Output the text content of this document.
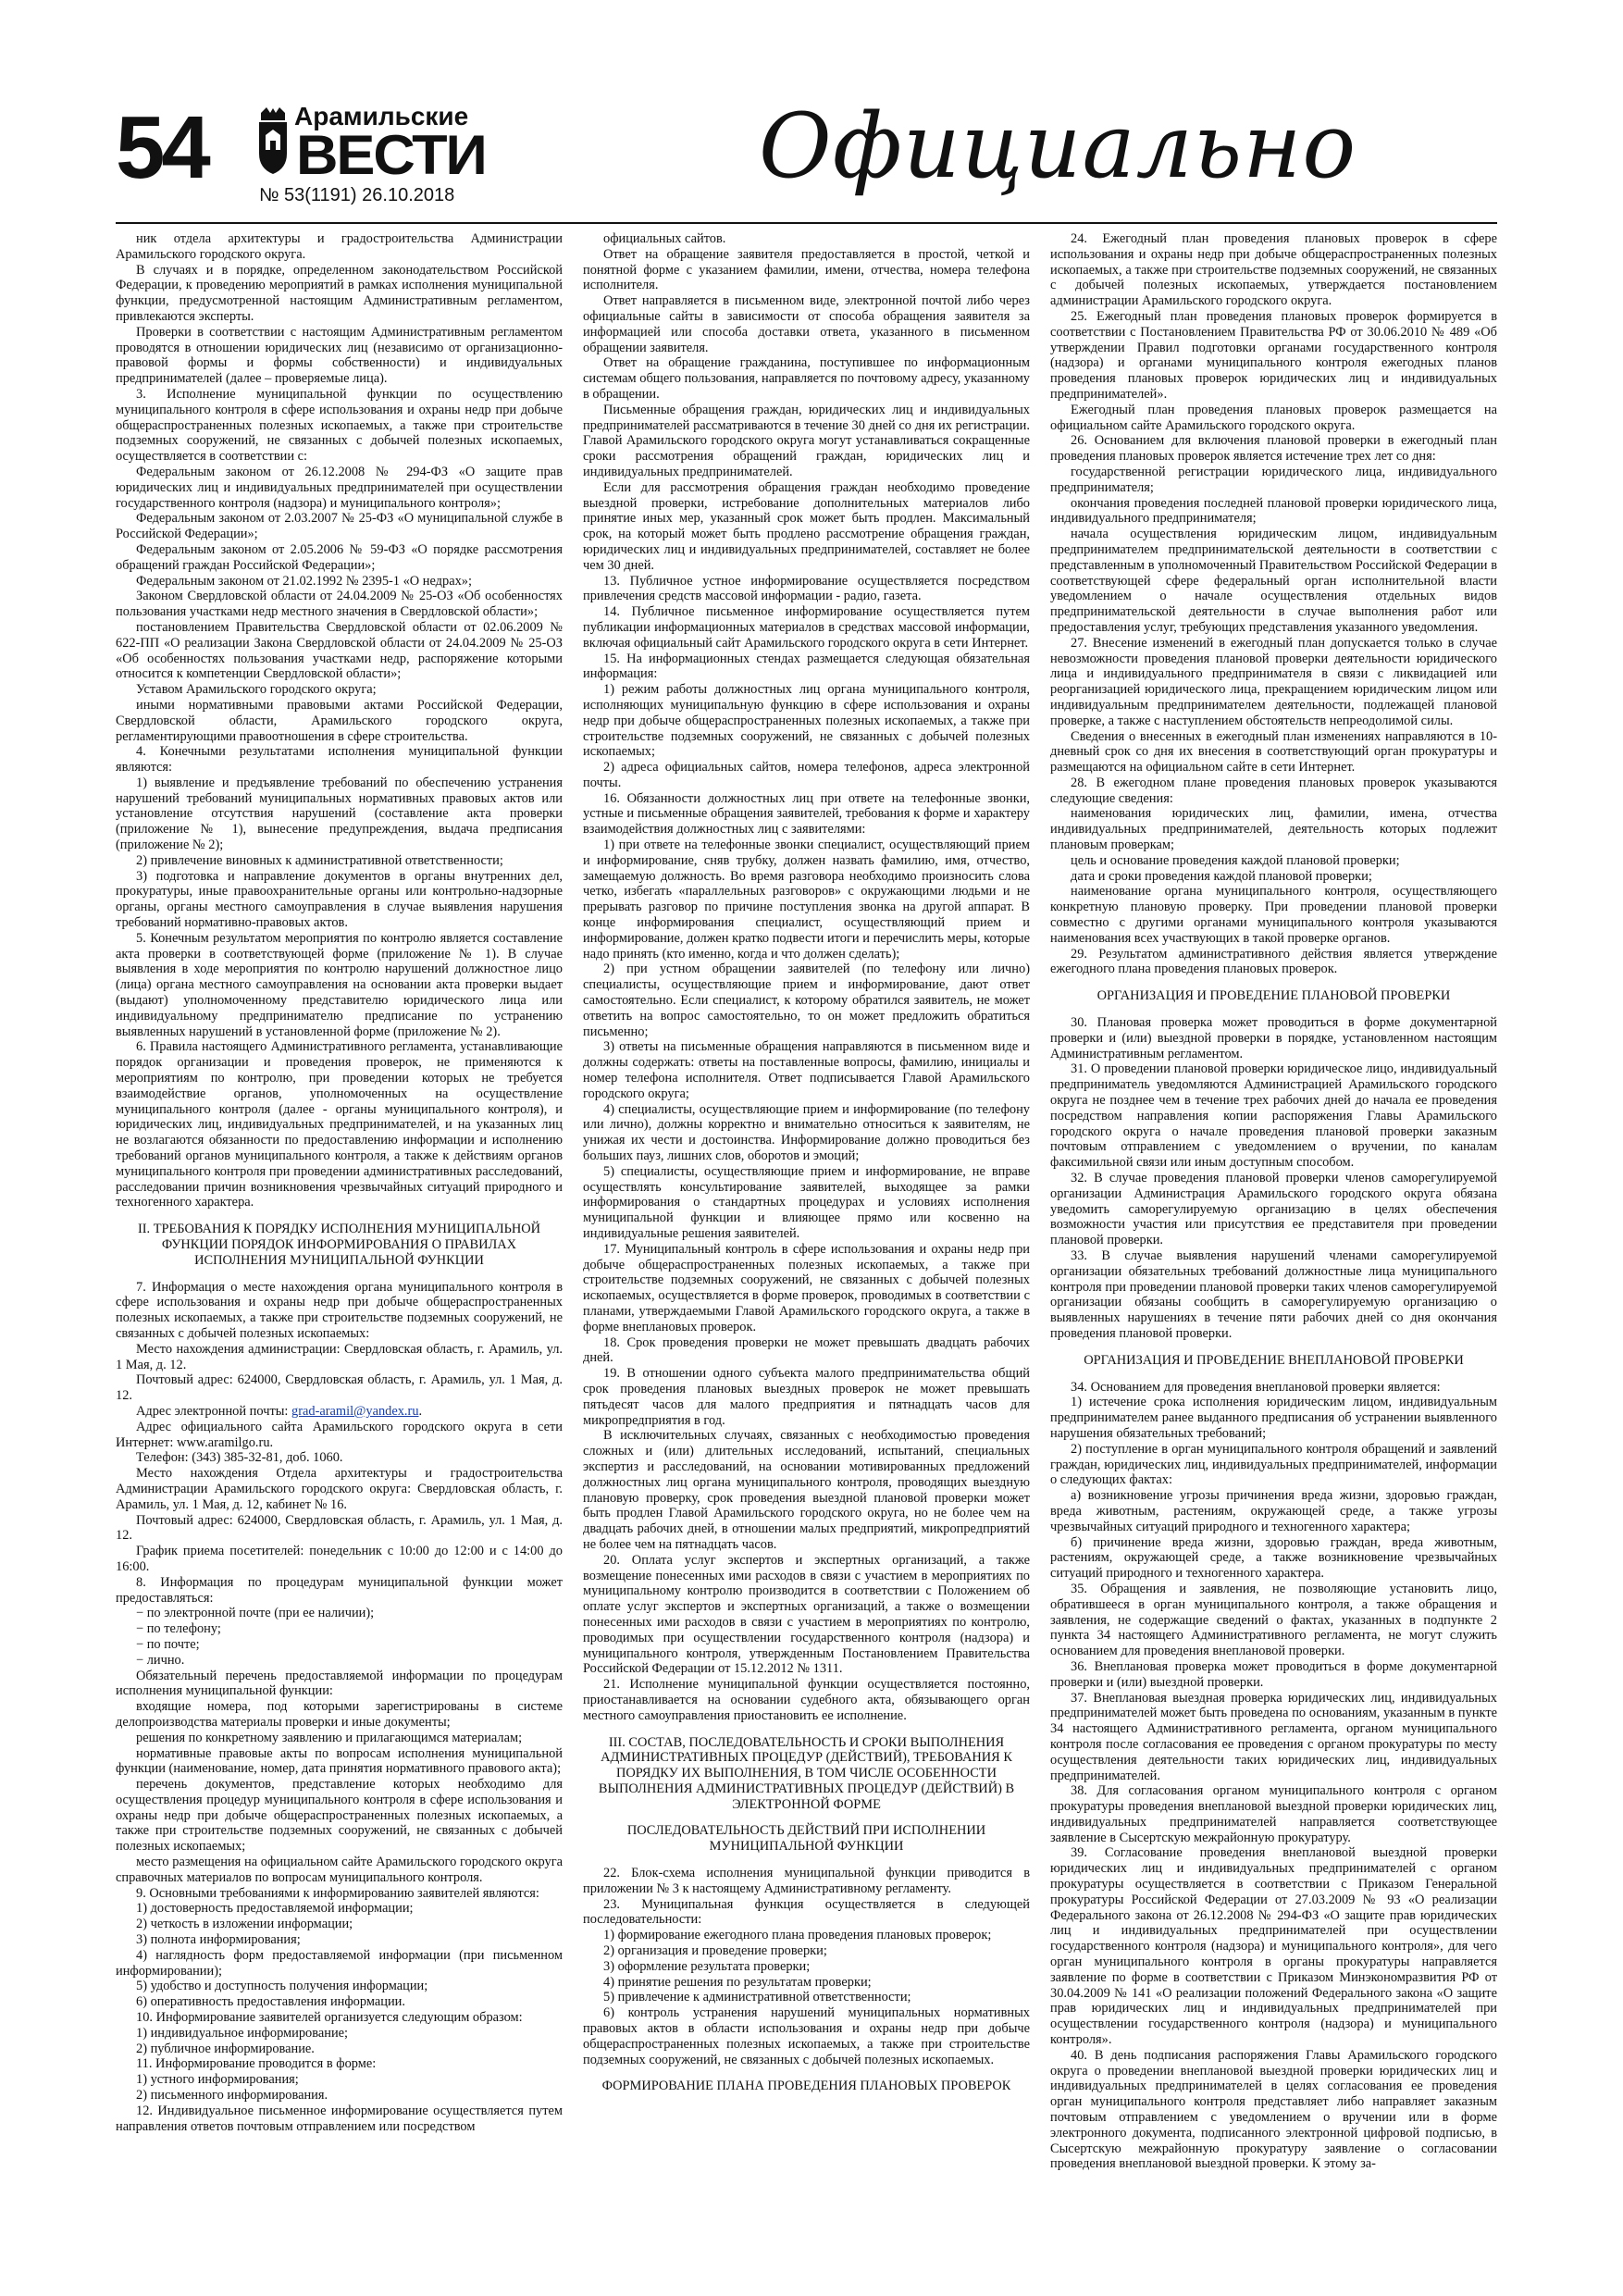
54	Арамильские
ВЕСТИ
№ 53(1191) 26.10.2018	Официально

ник отдела архитектуры и градостроительства Администрации Арамильского городского округа.

В случаях и в порядке, определенном законодательством Российской Федерации, к проведению мероприятий в рамках исполнения муниципальной функции, предусмотренной настоящим Административным регламентом, привлекаются эксперты.

Проверки в соответствии с настоящим Административным регламентом проводятся в отношении юридических лиц (независимо от организационно-правовой формы и формы собственности) и индивидуальных предпринимателей (далее – проверяемые лица).

3. Исполнение муниципальной функции по осуществлению муниципального контроля в сфере использования и охраны недр при добыче общераспространенных полезных ископаемых, а также при строительстве подземных сооружений, не связанных с добычей полезных ископаемых, осуществляется в соответствии с:

Федеральным законом от 26.12.2008 № 294-ФЗ «О защите прав юридических лиц и индивидуальных предпринимателей при осуществлении государственного контроля (надзора) и муниципального контроля»;

Федеральным законом от 2.03.2007 № 25-ФЗ «О муниципальной службе в Российской Федерации»;

Федеральным законом от 2.05.2006 № 59-ФЗ «О порядке рассмотрения обращений граждан Российской Федерации»;

Федеральным законом от 21.02.1992 № 2395-1 «О недрах»;

Законом Свердловской области от 24.04.2009 № 25-ОЗ «Об особенностях пользования участками недр местного значения в Свердловской области»;

постановлением Правительства Свердловской области от 02.06.2009 № 622-ПП «О реализации Закона Свердловской области от 24.04.2009 № 25-ОЗ «Об особенностях пользования участками недр, распоряжение которыми относится к компетенции Свердловской области»;

Уставом Арамильского городского округа;

иными нормативными правовыми актами Российской Федерации, Свердловской области, Арамильского городского округа, регламентирующими правоотношения в сфере строительства.

4. Конечными результатами исполнения муниципальной функции являются:

1) выявление и предъявление требований по обеспечению устранения нарушений требований муниципальных нормативных правовых актов или установление отсутствия нарушений (составление акта проверки (приложение № 1), вынесение предупреждения, выдача предписания (приложение № 2);

2) привлечение виновных к административной ответственности;

3) подготовка и направление документов в органы внутренних дел, прокуратуры, иные правоохранительные органы или контрольно-надзорные органы, органы местного самоуправления в случае выявления нарушения требований нормативно-правовых актов.

5. Конечным результатом мероприятия по контролю является составление акта проверки в соответствующей форме (приложение № 1). В случае выявления в ходе мероприятия по контролю нарушений должностное лицо (лица) органа местного самоуправления на основании акта проверки выдает (выдают) уполномоченному представителю юридического лица или индивидуальному предпринимателю предписание по устранению выявленных нарушений в установленной форме (приложение № 2).

6. Правила настоящего Административного регламента, устанавливающие порядок организации и проведения проверок, не применяются к мероприятиям по контролю, при проведении которых не требуется взаимодействие органов, уполномоченных на осуществление муниципального контроля (далее - органы муниципального контроля), и юридических лиц, индивидуальных предпринимателей, и на указанных лиц не возлагаются обязанности по предоставлению информации и исполнению требований органов муниципального контроля, а также к действиям органов муниципального контроля при проведении административных расследований, расследовании причин возникновения чрезвычайных ситуаций природного и техногенного характера.

II. ТРЕБОВАНИЯ К ПОРЯДКУ ИСПОЛНЕНИЯ МУНИЦИПАЛЬНОЙ ФУНКЦИИ ПОРЯДОК ИНФОРМИРОВАНИЯ О ПРАВИЛАХ ИСПОЛНЕНИЯ МУНИЦИПАЛЬНОЙ ФУНКЦИИ

7. Информация о месте нахождения органа муниципального контроля в сфере использования и охраны недр при добыче общераспространенных полезных ископаемых, а также при строительстве подземных сооружений, не связанных с добычей полезных ископаемых:

Место нахождения администрации: Свердловская область, г. Арамиль, ул. 1 Мая, д. 12.

Почтовый адрес: 624000, Свердловская область, г. Арамиль, ул. 1 Мая, д. 12.

Адрес электронной почты: grad-aramil@yandex.ru.

Адрес официального сайта Арамильского городского округа в сети Интернет: www.aramilgo.ru.

Телефон: (343) 385-32-81, доб. 1060.

Место нахождения Отдела архитектуры и градостроительства Администрации Арамильского городского округа: Свердловская область, г. Арамиль, ул. 1 Мая, д. 12, кабинет № 16.

Почтовый адрес: 624000, Свердловская область, г. Арамиль, ул. 1 Мая, д. 12.

График приема посетителей: понедельник с 10:00 до 12:00 и с 14:00 до 16:00.

8. Информация по процедурам муниципальной функции может предоставляться:

− по электронной почте (при ее наличии);

− по телефону;

− по почте;

− лично.

Обязательный перечень предоставляемой информации по процедурам исполнения муниципальной функции:

входящие номера, под которыми зарегистрированы в системе делопроизводства материалы проверки и иные документы;

решения по конкретному заявлению и прилагающимся материалам;

нормативные правовые акты по вопросам исполнения муниципальной функции (наименование, номер, дата принятия нормативного правового акта);

перечень документов, представление которых необходимо для осуществления процедур муниципального контроля в сфере использования и охраны недр при добыче общераспространенных полезных ископаемых, а также при строительстве подземных сооружений, не связанных с добычей полезных ископаемых;

место размещения на официальном сайте Арамильского городского округа справочных материалов по вопросам муниципального контроля.

9. Основными требованиями к информированию заявителей являются:

1) достоверность предоставляемой информации;

2) четкость в изложении информации;

3) полнота информирования;

4) наглядность форм предоставляемой информации (при письменном информировании);

5) удобство и доступность получения информации;

6) оперативность предоставления информации.

10. Информирование заявителей организуется следующим образом:

1) индивидуальное информирование;

2) публичное информирование.

11. Информирование проводится в форме:

1) устного информирования;

2) письменного информирования.

12. Индивидуальное письменное информирование осуществляется путем направления ответов почтовым отправлением или посредством

официальных сайтов.

Ответ на обращение заявителя предоставляется в простой, четкой и понятной форме с указанием фамилии, имени, отчества, номера телефона исполнителя.

Ответ направляется в письменном виде, электронной почтой либо через официальные сайты в зависимости от способа обращения заявителя за информацией или способа доставки ответа, указанного в письменном обращении заявителя.

Ответ на обращение гражданина, поступившее по информационным системам общего пользования, направляется по почтовому адресу, указанному в обращении.

Письменные обращения граждан, юридических лиц и индивидуальных предпринимателей рассматриваются в течение 30 дней со дня их регистрации. Главой Арамильского городского округа могут устанавливаться сокращенные сроки рассмотрения обращений граждан, юридических лиц и индивидуальных предпринимателей.

Если для рассмотрения обращения граждан необходимо проведение выездной проверки, истребование дополнительных материалов либо принятие иных мер, указанный срок может быть продлен. Максимальный срок, на который может быть продлено рассмотрение обращения граждан, юридических лиц и индивидуальных предпринимателей, составляет не более чем 30 дней.

13. Публичное устное информирование осуществляется посредством привлечения средств массовой информации - радио, газета.

14. Публичное письменное информирование осуществляется путем публикации информационных материалов в средствах массовой информации, включая официальный сайт Арамильского городского округа в сети Интернет.

15. На информационных стендах размещается следующая обязательная информация:

1) режим работы должностных лиц органа муниципального контроля, исполняющих муниципальную функцию в сфере использования и охраны недр при добыче общераспространенных полезных ископаемых, а также при строительстве подземных сооружений, не связанных с добычей полезных ископаемых;

2) адреса официальных сайтов, номера телефонов, адреса электронной почты.

16. Обязанности должностных лиц при ответе на телефонные звонки, устные и письменные обращения заявителей, требования к форме и характеру взаимодействия должностных лиц с заявителями:

1) при ответе на телефонные звонки специалист, осуществляющий прием и информирование, сняв трубку, должен назвать фамилию, имя, отчество, замещаемую должность. Во время разговора необходимо произносить слова четко, избегать «параллельных разговоров» с окружающими людьми и не прерывать разговор по причине поступления звонка на другой аппарат. В конце информирования специалист, осуществляющий прием и информирование, должен кратко подвести итоги и перечислить меры, которые надо принять (кто именно, когда и что должен сделать);

2) при устном обращении заявителей (по телефону или лично) специалисты, осуществляющие прием и информирование, дают ответ самостоятельно. Если специалист, к которому обратился заявитель, не может ответить на вопрос самостоятельно, то он может предложить обратиться письменно;

3) ответы на письменные обращения направляются в письменном виде и должны содержать: ответы на поставленные вопросы, фамилию, инициалы и номер телефона исполнителя. Ответ подписывается Главой Арамильского городского округа;

4) специалисты, осуществляющие прием и информирование (по телефону или лично), должны корректно и внимательно относиться к заявителям, не унижая их чести и достоинства. Информирование должно проводиться без больших пауз, лишних слов, оборотов и эмоций;

5) специалисты, осуществляющие прием и информирование, не вправе осуществлять консультирование заявителей, выходящее за рамки информирования о стандартных процедурах и условиях исполнения муниципальной функции и влияющее прямо или косвенно на индивидуальные решения заявителей.

17. Муниципальный контроль в сфере использования и охраны недр при добыче общераспространенных полезных ископаемых, а также при строительстве подземных сооружений, не связанных с добычей полезных ископаемых, осуществляется в форме проверок, проводимых в соответствии с планами, утверждаемыми Главой Арамильского городского округа, а также в форме внеплановых проверок.

18. Срок проведения проверки не может превышать двадцать рабочих дней.

19. В отношении одного субъекта малого предпринимательства общий срок проведения плановых выездных проверок не может превышать пятьдесят часов для малого предприятия и пятнадцать часов для микропредприятия в год.

В исключительных случаях, связанных с необходимостью проведения сложных и (или) длительных исследований, испытаний, специальных экспертиз и расследований, на основании мотивированных предложений должностных лиц органа муниципального контроля, проводящих выездную плановую проверку, срок проведения выездной плановой проверки может быть продлен Главой Арамильского городского округа, но не более чем на двадцать рабочих дней, в отношении малых предприятий, микропредприятий не более чем на пятнадцать часов.

20. Оплата услуг экспертов и экспертных организаций, а также возмещение понесенных ими расходов в связи с участием в мероприятиях по муниципальному контролю производится в соответствии с Положением об оплате услуг экспертов и экспертных организаций, а также о возмещении понесенных ими расходов в связи с участием в мероприятиях по контролю, проводимых при осуществлении государственного контроля (надзора) и муниципального контроля, утвержденным Постановлением Правительства Российской Федерации от 15.12.2012 № 1311.

21. Исполнение муниципальной функции осуществляется постоянно, приостанавливается на основании судебного акта, обязывающего орган местного самоуправления приостановить ее исполнение.

III. СОСТАВ, ПОСЛЕДОВАТЕЛЬНОСТЬ И СРОКИ ВЫПОЛНЕНИЯ АДМИНИСТРАТИВНЫХ ПРОЦЕДУР (ДЕЙСТВИЙ), ТРЕБОВАНИЯ К ПОРЯДКУ ИХ ВЫПОЛНЕНИЯ, В ТОМ ЧИСЛЕ ОСОБЕННОСТИ ВЫПОЛНЕНИЯ АДМИНИСТРАТИВНЫХ ПРОЦЕДУР (ДЕЙСТВИЙ) В ЭЛЕКТРОННОЙ ФОРМЕ
ПОСЛЕДОВАТЕЛЬНОСТЬ ДЕЙСТВИЙ ПРИ ИСПОЛНЕНИИ МУНИЦИПАЛЬНОЙ ФУНКЦИИ

22. Блок-схема исполнения муниципальной функции приводится в приложении № 3 к настоящему Административному регламенту.

23. Муниципальная функция осуществляется в следующей последовательности:

1) формирование ежегодного плана проведения плановых проверок;

2) организация и проведение проверки;

3) оформление результата проверки;

4) принятие решения по результатам проверки;

5) привлечение к административной ответственности;

6) контроль устранения нарушений муниципальных нормативных правовых актов в области использования и охраны недр при добыче общераспространенных полезных ископаемых, а также при строительстве подземных сооружений, не связанных с добычей полезных ископаемых.

ФОРМИРОВАНИЕ ПЛАНА ПРОВЕДЕНИЯ ПЛАНОВЫХ ПРОВЕРОК

24. Ежегодный план проведения плановых проверок в сфере использования и охраны недр при добыче общераспространенных полезных ископаемых, а также при строительстве подземных сооружений, не связанных с добычей полезных ископаемых, утверждается постановлением администрации Арамильского городского округа.

25. Ежегодный план проведения плановых проверок формируется в соответствии с Постановлением Правительства РФ от 30.06.2010 № 489 «Об утверждении Правил подготовки органами государственного контроля (надзора) и органами муниципального контроля ежегодных планов проведения плановых проверок юридических лиц и индивидуальных предпринимателей».

Ежегодный план проведения плановых проверок размещается на официальном сайте Арамильского городского округа.

26. Основанием для включения плановой проверки в ежегодный план проведения плановых проверок является истечение трех лет со дня:

государственной регистрации юридического лица, индивидуального предпринимателя;

окончания проведения последней плановой проверки юридического лица, индивидуального предпринимателя;

начала осуществления юридическим лицом, индивидуальным предпринимателем предпринимательской деятельности в соответствии с представленным в уполномоченный Правительством Российской Федерации в соответствующей сфере федеральный орган исполнительной власти уведомлением о начале осуществления отдельных видов предпринимательской деятельности в случае выполнения работ или предоставления услуг, требующих представления указанного уведомления.

27. Внесение изменений в ежегодный план допускается только в случае невозможности проведения плановой проверки деятельности юридического лица и индивидуального предпринимателя в связи с ликвидацией или реорганизацией юридического лица, прекращением юридическим лицом или индивидуальным предпринимателем деятельности, подлежащей плановой проверке, а также с наступлением обстоятельств непреодолимой силы.

Сведения о внесенных в ежегодный план изменениях направляются в 10-дневный срок со дня их внесения в соответствующий орган прокуратуры и размещаются на официальном сайте в сети Интернет.

28. В ежегодном плане проведения плановых проверок указываются следующие сведения:

наименования юридических лиц, фамилии, имена, отчества индивидуальных предпринимателей, деятельность которых подлежит плановым проверкам;

цель и основание проведения каждой плановой проверки;

дата и сроки проведения каждой плановой проверки;

наименование органа муниципального контроля, осуществляющего конкретную плановую проверку. При проведении плановой проверки совместно с другими органами муниципального контроля указываются наименования всех участвующих в такой проверке органов.

29. Результатом административного действия является утверждение ежегодного плана проведения плановых проверок.

ОРГАНИЗАЦИЯ И ПРОВЕДЕНИЕ ПЛАНОВОЙ ПРОВЕРКИ

30. Плановая проверка может проводиться в форме документарной проверки и (или) выездной проверки в порядке, установленном настоящим Административным регламентом.

31. О проведении плановой проверки юридическое лицо, индивидуальный предприниматель уведомляются Администрацией Арамильского городского округа не позднее чем в течение трех рабочих дней до начала ее проведения посредством направления копии распоряжения Главы Арамильского городского округа о начале проведения плановой проверки заказным почтовым отправлением с уведомлением о вручении, по каналам факсимильной связи или иным доступным способом.

32. В случае проведения плановой проверки членов саморегулируемой организации Администрация Арамильского городского округа обязана уведомить саморегулируемую организацию в целях обеспечения возможности участия или присутствия ее представителя при проведении плановой проверки.

33. В случае выявления нарушений членами саморегулируемой организации обязательных требований должностные лица муниципального контроля при проведении плановой проверки таких членов саморегулируемой организации обязаны сообщить в саморегулируемую организацию о выявленных нарушениях в течение пяти рабочих дней со дня окончания проведения плановой проверки.

ОРГАНИЗАЦИЯ И ПРОВЕДЕНИЕ ВНЕПЛАНОВОЙ ПРОВЕРКИ

34. Основанием для проведения внеплановой проверки является:

1) истечение срока исполнения юридическим лицом, индивидуальным предпринимателем ранее выданного предписания об устранении выявленного нарушения обязательных требований;

2) поступление в орган муниципального контроля обращений и заявлений граждан, юридических лиц, индивидуальных предпринимателей, информации о следующих фактах:

а) возникновение угрозы причинения вреда жизни, здоровью граждан, вреда животным, растениям, окружающей среде, а также угрозы чрезвычайных ситуаций природного и техногенного характера;

б) причинение вреда жизни, здоровью граждан, вреда животным, растениям, окружающей среде, а также возникновение чрезвычайных ситуаций природного и техногенного характера.

35. Обращения и заявления, не позволяющие установить лицо, обратившееся в орган муниципального контроля, а также обращения и заявления, не содержащие сведений о фактах, указанных в подпункте 2 пункта 34 настоящего Административного регламента, не могут служить основанием для проведения внеплановой проверки.

36. Внеплановая проверка может проводиться в форме документарной проверки и (или) выездной проверки.

37. Внеплановая выездная проверка юридических лиц, индивидуальных предпринимателей может быть проведена по основаниям, указанным в пункте 34 настоящего Административного регламента, органом муниципального контроля после согласования ее проведения с органом прокуратуры по месту осуществления деятельности таких юридических лиц, индивидуальных предпринимателей.

38. Для согласования органом муниципального контроля с органом прокуратуры проведения внеплановой выездной проверки юридических лиц, индивидуальных предпринимателей направляется соответствующее заявление в Сысертскую межрайонную прокуратуру.

39. Согласование проведения внеплановой выездной проверки юридических лиц и индивидуальных предпринимателей с органом прокуратуры осуществляется в соответствии с Приказом Генеральной прокуратуры Российской Федерации от 27.03.2009 № 93 «О реализации Федерального закона от 26.12.2008 № 294-ФЗ «О защите прав юридических лиц и индивидуальных предпринимателей при осуществлении государственного контроля (надзора) и муниципального контроля», для чего орган муниципального контроля в органы прокуратуры направляется заявление по форме в соответствии с Приказом Минэкономразвития РФ от 30.04.2009 № 141 «О реализации положений Федерального закона «О защите прав юридических лиц и индивидуальных предпринимателей при осуществлении государственного контроля (надзора) и муниципального контроля».

40. В день подписания распоряжения Главы Арамильского городского округа о проведении внеплановой выездной проверки юридических лиц и индивидуальных предпринимателей в целях согласования ее проведения орган муниципального контроля представляет либо направляет заказным почтовым отправлением с уведомлением о вручении или в форме электронного документа, подписанного электронной цифровой подписью, в Сысертскую межрайонную прокуратуру заявление о согласовании проведения внеплановой выездной проверки. К этому за-
